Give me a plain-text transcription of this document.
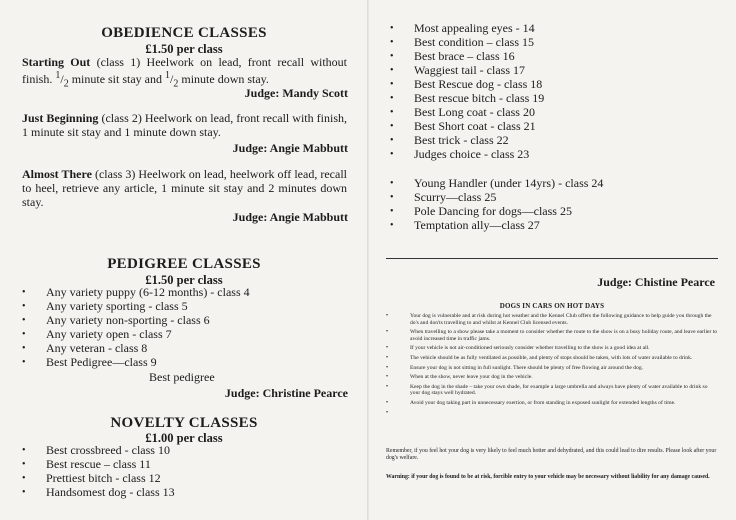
OBEDIENCE CLASSES
£1.50 per class
Starting Out (class 1) Heelwork on lead, front recall without finish. $^1/_2$ minute sit stay and $^1/_2$ minute down stay.
Judge: Mandy Scott
Just Beginning (class 2) Heelwork on lead, front recall with finish, 1 minute sit stay and 1 minute down stay.
Judge: Angie Mabbutt
Almost There (class 3) Heelwork on lead, heelwork off lead, recall to heel, retrieve any article, 1 minute sit stay and 2 minutes down stay.
Judge: Angie Mabbutt
PEDIGREE CLASSES
£1.50 per class
• Any variety puppy (6-12 months) - class 4
• Any variety sporting - class 5
• Any variety non-sporting - class 6
• Any variety open - class 7
• Any veteran - class 8
• Best Pedigree—class 9
Best pedigree
Judge: Christine Pearce
NOVELTY CLASSES
£1.00 per class
• Best crossbreed - class 10
• Best rescue – class 11
• Prettiest bitch - class 12
• Handsomest dog - class 13
• Most appealing eyes - 14
• Best condition – class 15
• Best brace – class 16
• Waggiest tail - class 17
• Best Rescue dog - class 18
• Best rescue bitch - class 19
• Best Long coat - class 20
• Best Short coat - class 21
• Best trick - class 22
• Judges choice - class 23
• Young Handler (under 14yrs) - class 24
• Scurry—class 25
• Pole Dancing for dogs—class 25
• Temptation ally—class 27
Judge: Chistine Pearce
DOGS IN CARS ON HOT DAYS
•	Your dog is vulnerable and at risk during hot weather and the Kennel Club offers the following guidance to help guide you through the do's and don'ts travelling to and whilst at Kennel Club licensed events.
•	When travelling to a show please take a moment to consider whether the route to the show is on a busy holiday route, and leave earlier to avoid increased time in traffic jams.
•	If your vehicle is not air-conditioned seriously consider whether travelling to the show is a good idea at all.
•	The vehicle should be as fully ventilated as possible, and plenty of stops should be taken, with lots of water available to drink.
•	Ensure your dog is not sitting in full sunlight. There should be plenty of free flowing air around the dog.
•	When at the show, never leave your dog in the vehicle.
•	Keep the dog in the shade – take your own shade, for example a large umbrella and always have plenty of water available to drink so your dog stays well hydrated.
•	Avoid your dog taking part in unnecessary exertion, or from standing in exposed sunlight for extended lengths of time.
•
Remember, if you feel hot your dog is very likely to feel much hotter and dehydrated, and this could lead to dire results. Please look after your dog's welfare.
Warning: if your dog is found to be at risk, forcible entry to your vehicle may be necessary without liability for any damage caused.
